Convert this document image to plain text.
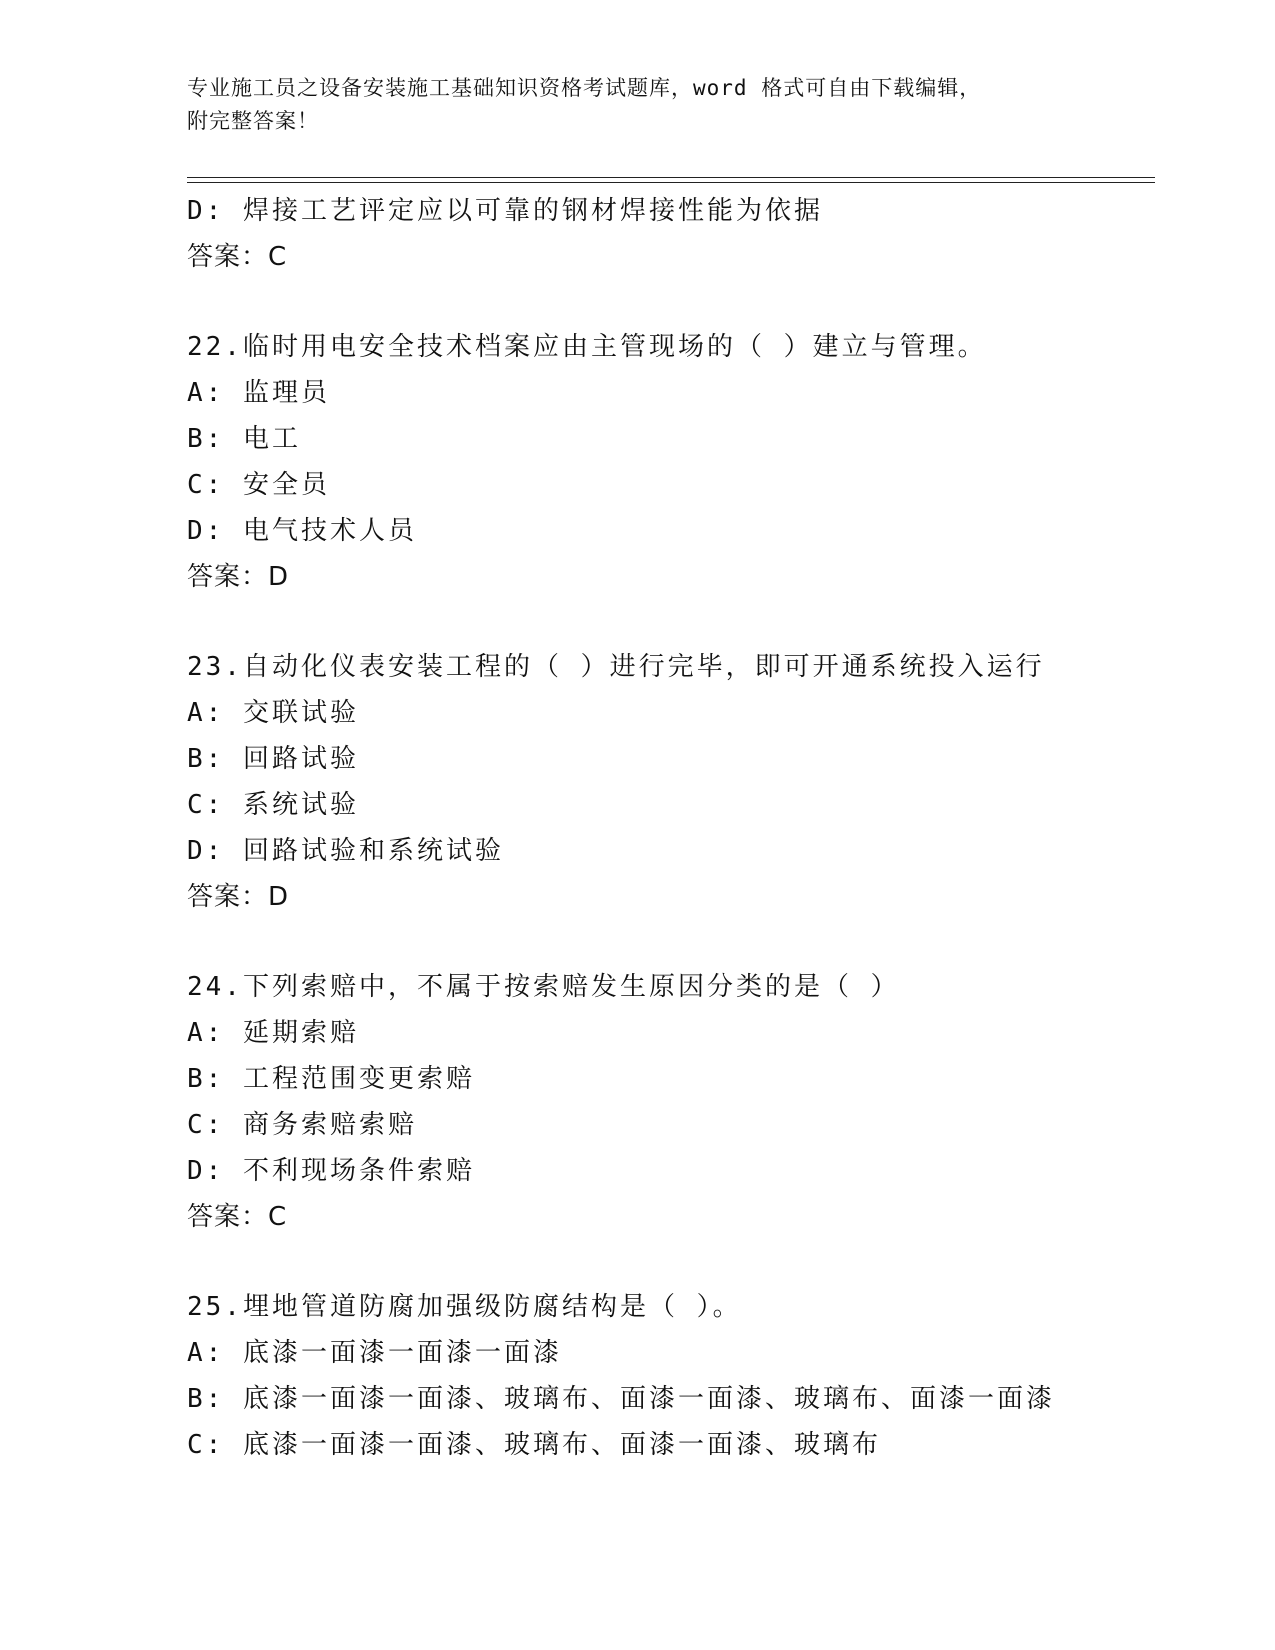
专业施工员之设备安装施工基础知识资格考试题库，word 格式可自由下载编辑，
附完整答案！
D: 焊接工艺评定应以可靠的钢材焊接性能为依据
答案：C
22.临时用电安全技术档案应由主管现场的（ ）建立与管理。
A: 监理员
B: 电工
C: 安全员
D: 电气技术人员
答案：D
23.自动化仪表安装工程的（ ）进行完毕，即可开通系统投入运行
A: 交联试验
B: 回路试验
C: 系统试验
D: 回路试验和系统试验
答案：D
24.下列索赔中，不属于按索赔发生原因分类的是（ ）
A: 延期索赔
B: 工程范围变更索赔
C: 商务索赔索赔
D: 不利现场条件索赔
答案：C
25.埋地管道防腐加强级防腐结构是（ ）。
A: 底漆一面漆一面漆一面漆
B: 底漆一面漆一面漆、玻璃布、面漆一面漆、玻璃布、面漆一面漆
C: 底漆一面漆一面漆、玻璃布、面漆一面漆、玻璃布
